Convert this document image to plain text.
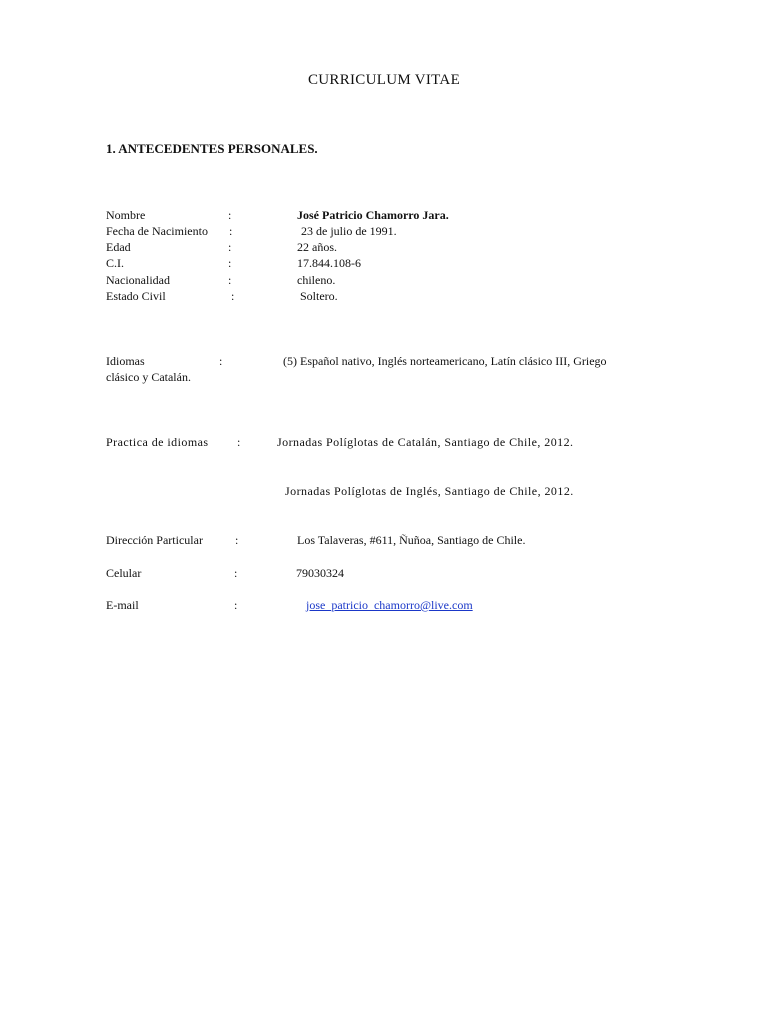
CURRICULUM VITAE
1. ANTECEDENTES PERSONALES.
Nombre	:	José Patricio Chamorro Jara.
Fecha de Nacimiento :	23 de julio de 1991.
Edad	:	22 años.
C.I.	:	17.844.108-6
Nacionalidad	:	chileno.
Estado Civil	:	Soltero.
Idiomas	:	(5) Español nativo, Inglés norteamericano, Latín clásico III, Griego
clásico y Catalán.
Practica de idiomas :	Jornadas Políglotas de Catalán, Santiago de Chile, 2012.
Jornadas Políglotas de Inglés, Santiago de Chile, 2012.
Dirección Particular	:	Los Talaveras, #611, Ñuñoa, Santiago de Chile.
Celular	:	79030324
E-mail	:	jose_patricio_chamorro@live.com
